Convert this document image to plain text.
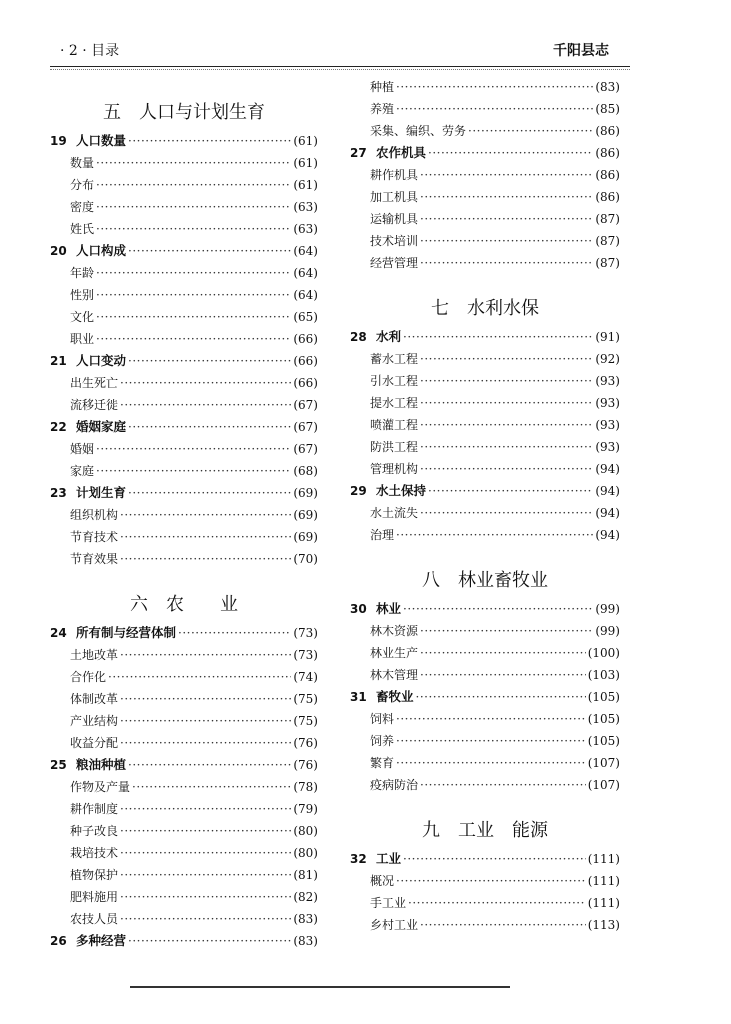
· 2 · 目录	千阳县志
五　人口与计划生育
19 人口数量 ·····	(61)
数量 ·····	(61)
分布 ·····	(61)
密度 ·····	(63)
姓氏 ·····	(63)
20 人口构成 ·····	(64)
年龄 ·····	(64)
性别 ·····	(64)
文化 ·····	(65)
职业 ·····	(66)
21 人口变动 ·····	(66)
出生死亡 ·····	(66)
流移迁徙 ·····	(67)
22 婚姻家庭 ·····	(67)
婚姻 ·····	(67)
家庭 ·····	(68)
23 计划生育 ·····	(69)
组织机构 ·····	(69)
节育技术 ·····	(69)
节育效果 ·····	(70)
六　农　　业
24 所有制与经营体制 ·····	(73)
土地改革 ·····	(73)
合作化 ·····	(74)
体制改革 ·····	(75)
产业结构 ·····	(75)
收益分配 ·····	(76)
25 粮油种植 ·····	(76)
作物及产量 ·····	(78)
耕作制度 ·····	(79)
种子改良 ·····	(80)
栽培技术 ·····	(80)
植物保护 ·····	(81)
肥料施用 ·····	(82)
农技人员 ·····	(83)
26 多种经营 ·····	(83)
种植 ·····	(83)
养殖 ·····	(85)
采集、编织、劳务 ·····	(86)
27 农作机具 ·····	(86)
耕作机具 ·····	(86)
加工机具 ·····	(86)
运输机具 ·····	(87)
技术培训 ·····	(87)
经营管理 ·····	(87)
七　水利水保
28 水利 ·····	(91)
蓄水工程 ·····	(92)
引水工程 ·····	(93)
提水工程 ·····	(93)
喷灌工程 ·····	(93)
防洪工程 ·····	(93)
管理机构 ·····	(94)
29 水土保持 ·····	(94)
水土流失 ·····	(94)
治理 ·····	(94)
八　林业畜牧业
30 林业 ·····	(99)
林木资源 ·····	(99)
林业生产 ·····	(100)
林木管理 ·····	(103)
31 畜牧业 ·····	(105)
饲料 ·····	(105)
饲养 ·····	(105)
繁育 ·····	(107)
疫病防治 ·····	(107)
九　工业　能源
32 工业 ·····	(111)
概况 ·····	(111)
手工业 ·····	(111)
乡村工业 ·····	(113)
